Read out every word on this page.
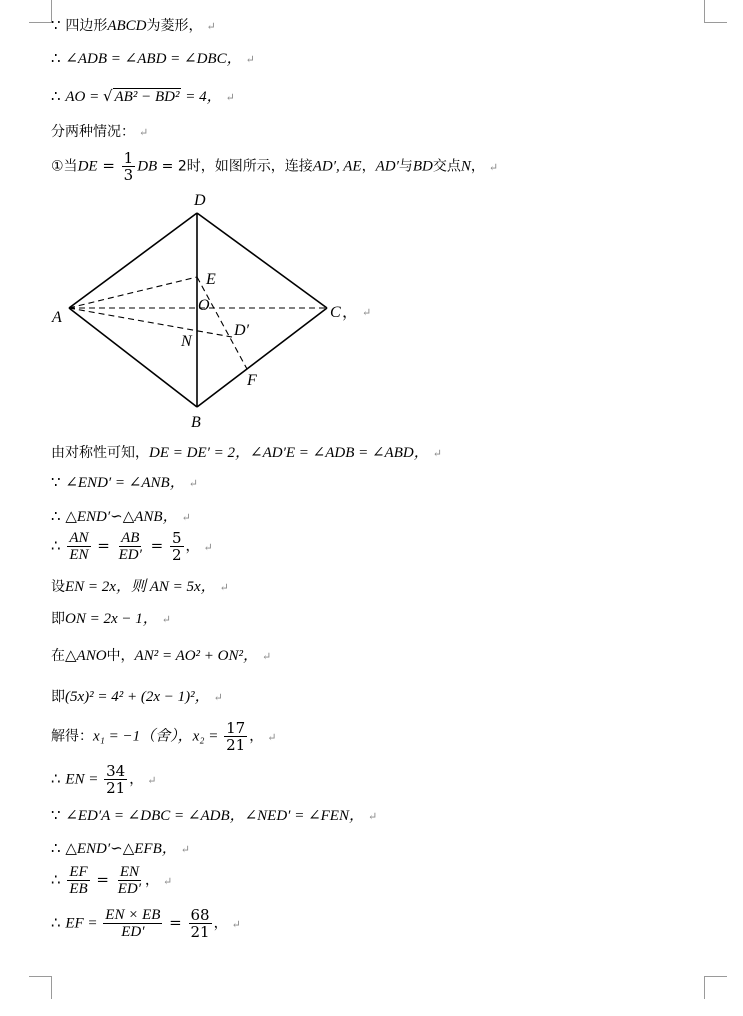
∵ 四边形ABCD为菱形， ↵
∴ ∠ADB = ∠ABD = ∠DBC， ↵
∴ AO = √ AB² − BD² = 4， ↵
分两种情况： ↵
①当DE = $\frac{1}{3}$ DB = 2时，如图所示，连接AD′, AE，AD′与BD交点N， ↵
D
E
O
A	C ， ↵
D′
N
F
B
由对称性可知，DE = DE′ = 2，∠AD′E = ∠ADB = ∠ABD， ↵
∵ ∠END′ = ∠ANB， ↵
∴ △END′∽△ANB， ↵
∴ $\frac{AN}{EN} = \frac{AB}{ED'} = \frac{5}{2}$ ， ↵
设EN = 2x，则 AN = 5x， ↵
即ON = 2x − 1， ↵
在△ANO中，AN² = AO² + ON²， ↵
即(5x)² = 4² + (2x − 1)²， ↵
解得：x₁ = −1（舍），$x_2 = \frac{17}{21}$ ， ↵
∴ EN = $\frac{34}{21}$ ， ↵
∵ ∠ED′A = ∠DBC = ∠ADB，∠NED′ = ∠FEN， ↵
∴ △END′∽△EFB， ↵
∴ $\frac{EF}{EB} = \frac{EN}{ED'}$ ， ↵
∴ EF = $\frac{EN \times EB}{ED'} = \frac{68}{21}$ ， ↵
